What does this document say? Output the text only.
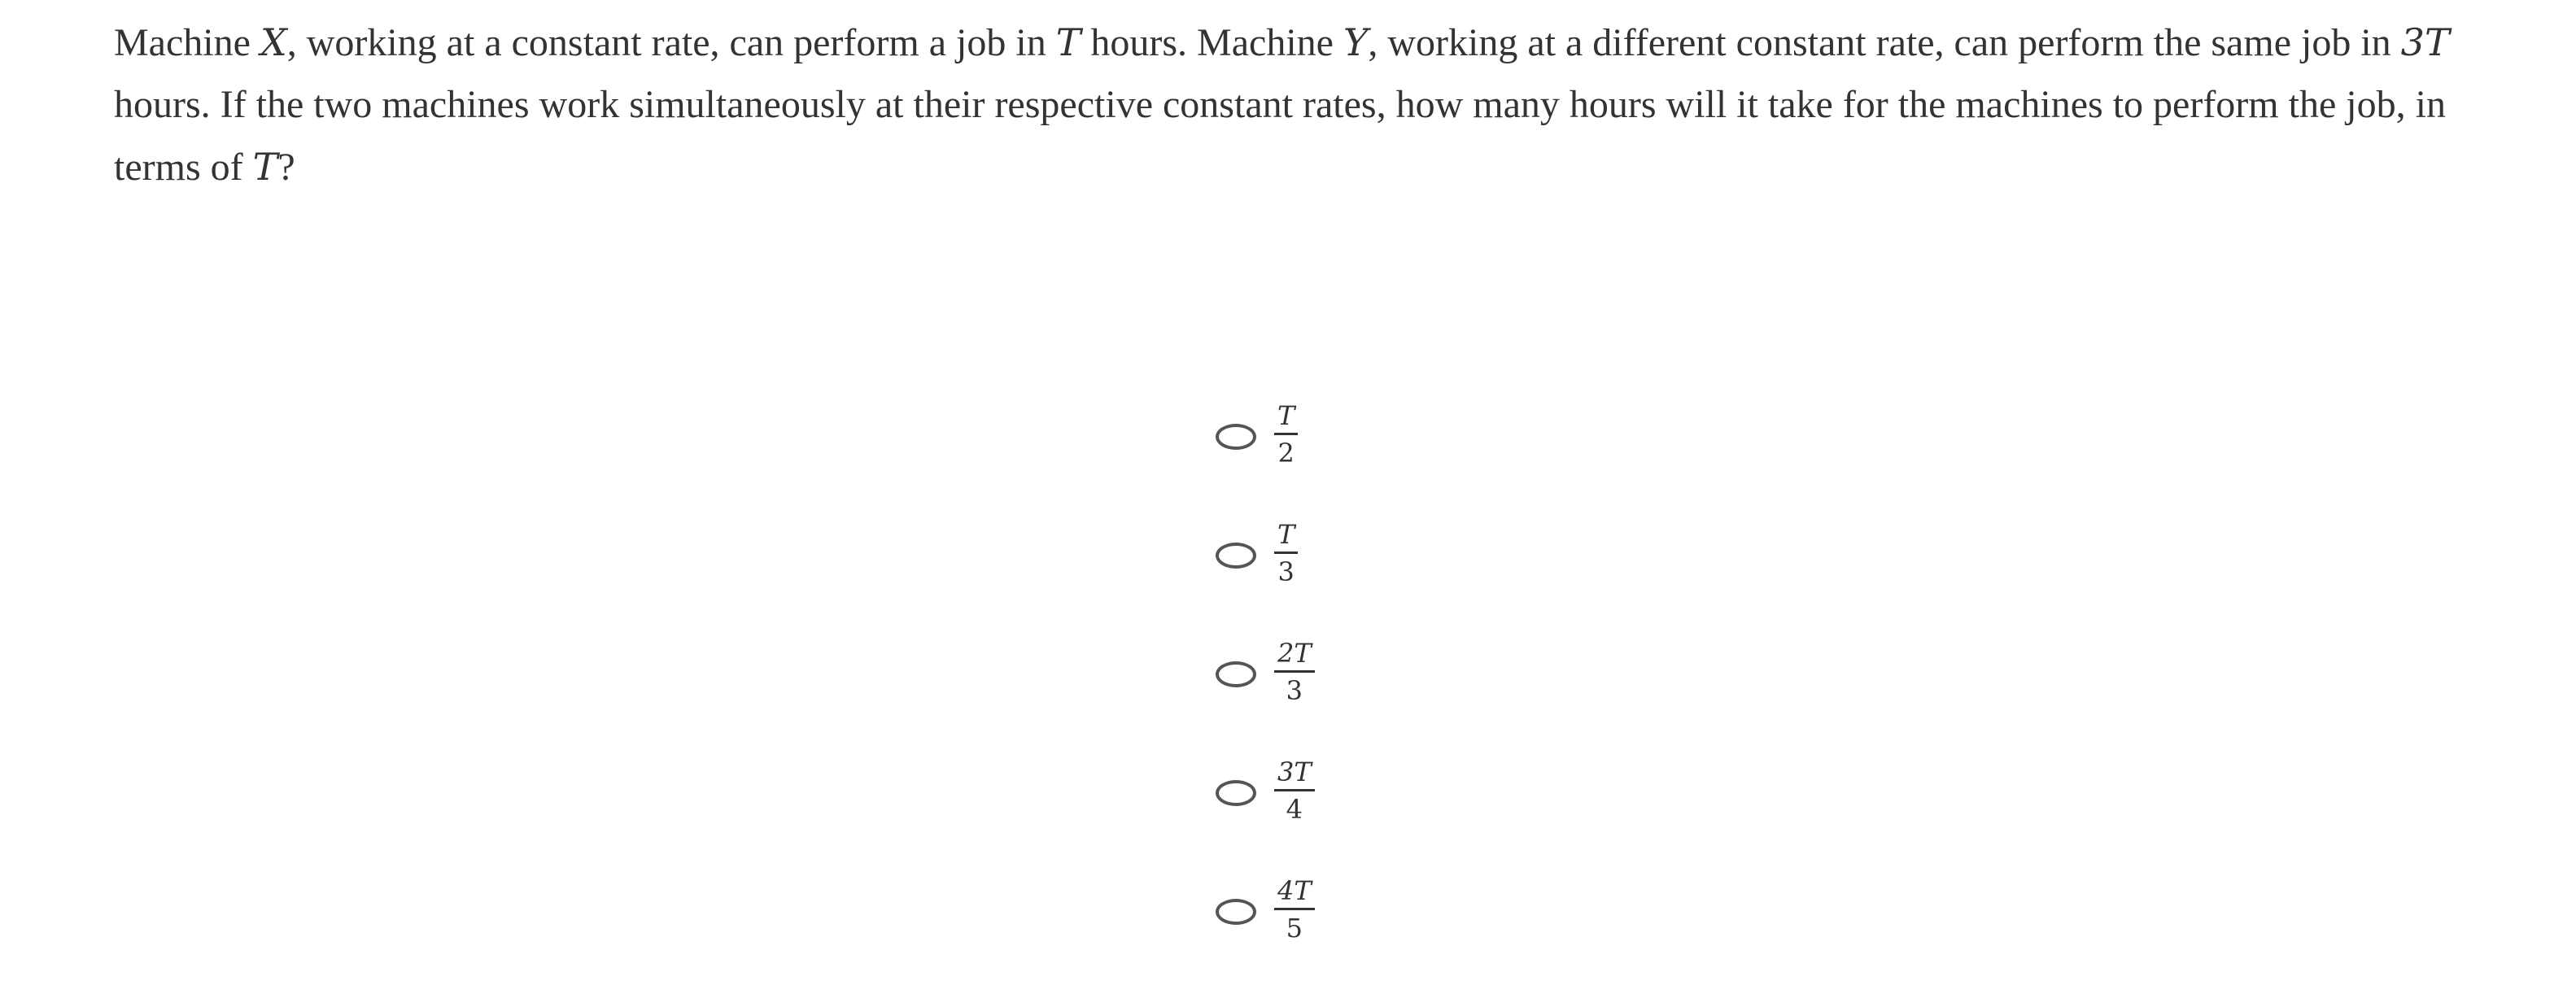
Machine X, working at a constant rate, can perform a job in T hours. Machine Y, working at a different constant rate, can perform the same job in 3T hours. If the two machines work simultaneously at their respective constant rates, how many hours will it take for the machines to perform the job, in terms of T?

$\frac{T}{2}$
$\frac{T}{3}$
$\frac{2T}{3}$
$\frac{3T}{4}$
$\frac{4T}{5}$
